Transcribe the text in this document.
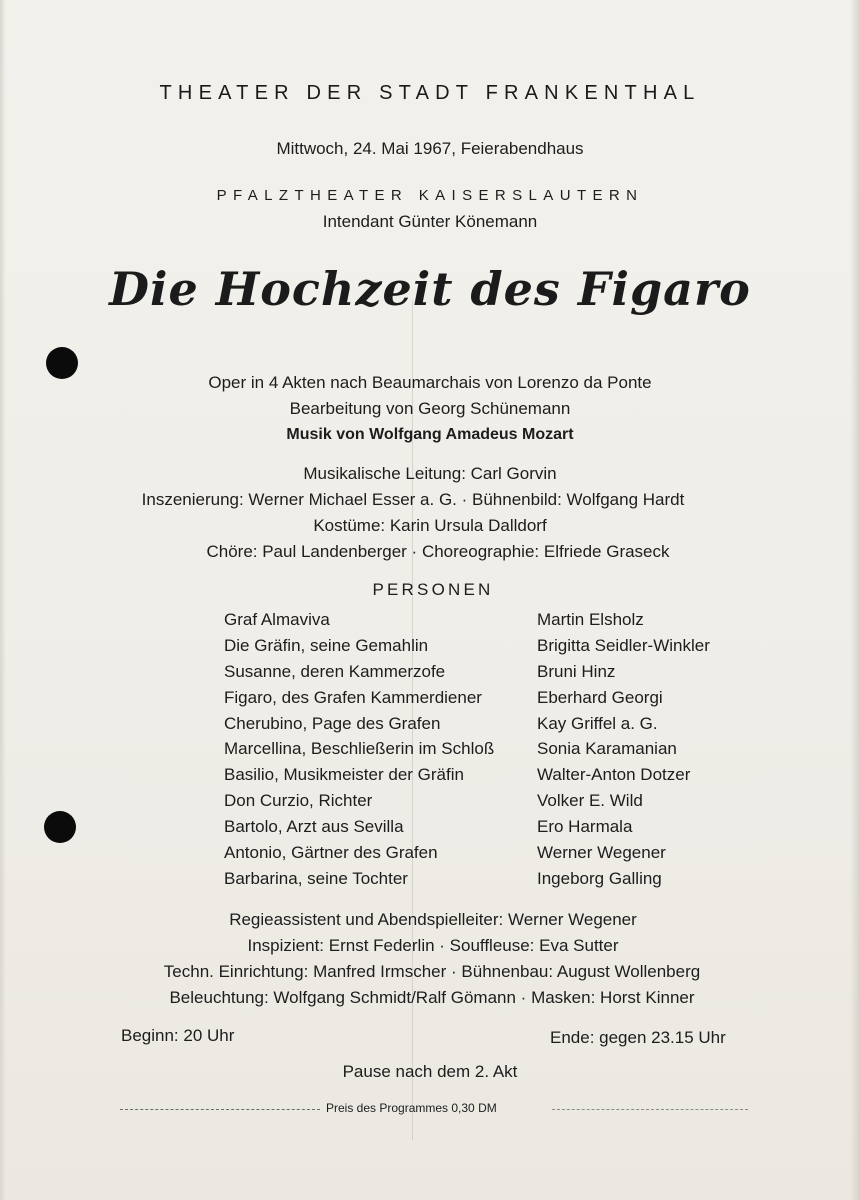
THEATER DER STADT FRANKENTHAL
Mittwoch, 24. Mai 1967, Feierabendhaus
PFALZTHEATER KAISERSLAUTERN
Intendant Günter Könemann
Die Hochzeit des Figaro
Oper in 4 Akten nach Beaumarchais von Lorenzo da Ponte
Bearbeitung von Georg Schünemann
Musik von Wolfgang Amadeus Mozart
Musikalische Leitung: Carl Gorvin
Inszenierung: Werner Michael Esser a. G. · Bühnenbild: Wolfgang Hardt
Kostüme: Karin Ursula Dalldorf
Chöre: Paul Landenberger · Choreographie: Elfriede Graseck
PERSONEN
Graf Almaviva	Martin Elsholz
Die Gräfin, seine Gemahlin	Brigitta Seidler-Winkler
Susanne, deren Kammerzofe	Bruni Hinz
Figaro, des Grafen Kammerdiener	Eberhard Georgi
Cherubino, Page des Grafen	Kay Griffel a. G.
Marcellina, Beschließerin im Schloß	Sonia Karamanian
Basilio, Musikmeister der Gräfin	Walter-Anton Dotzer
Don Curzio, Richter	Volker E. Wild
Bartolo, Arzt aus Sevilla	Ero Harmala
Antonio, Gärtner des Grafen	Werner Wegener
Barbarina, seine Tochter	Ingeborg Galling
Regieassistent und Abendspielleiter: Werner Wegener
Inspizient: Ernst Federlin · Souffleuse: Eva Sutter
Techn. Einrichtung: Manfred Irmscher · Bühnenbau: August Wollenberg
Beleuchtung: Wolfgang Schmidt/Ralf Gömann · Masken: Horst Kinner
Beginn: 20 Uhr	Ende: gegen 23.15 Uhr
Pause nach dem 2. Akt
Preis des Programmes 0,30 DM
